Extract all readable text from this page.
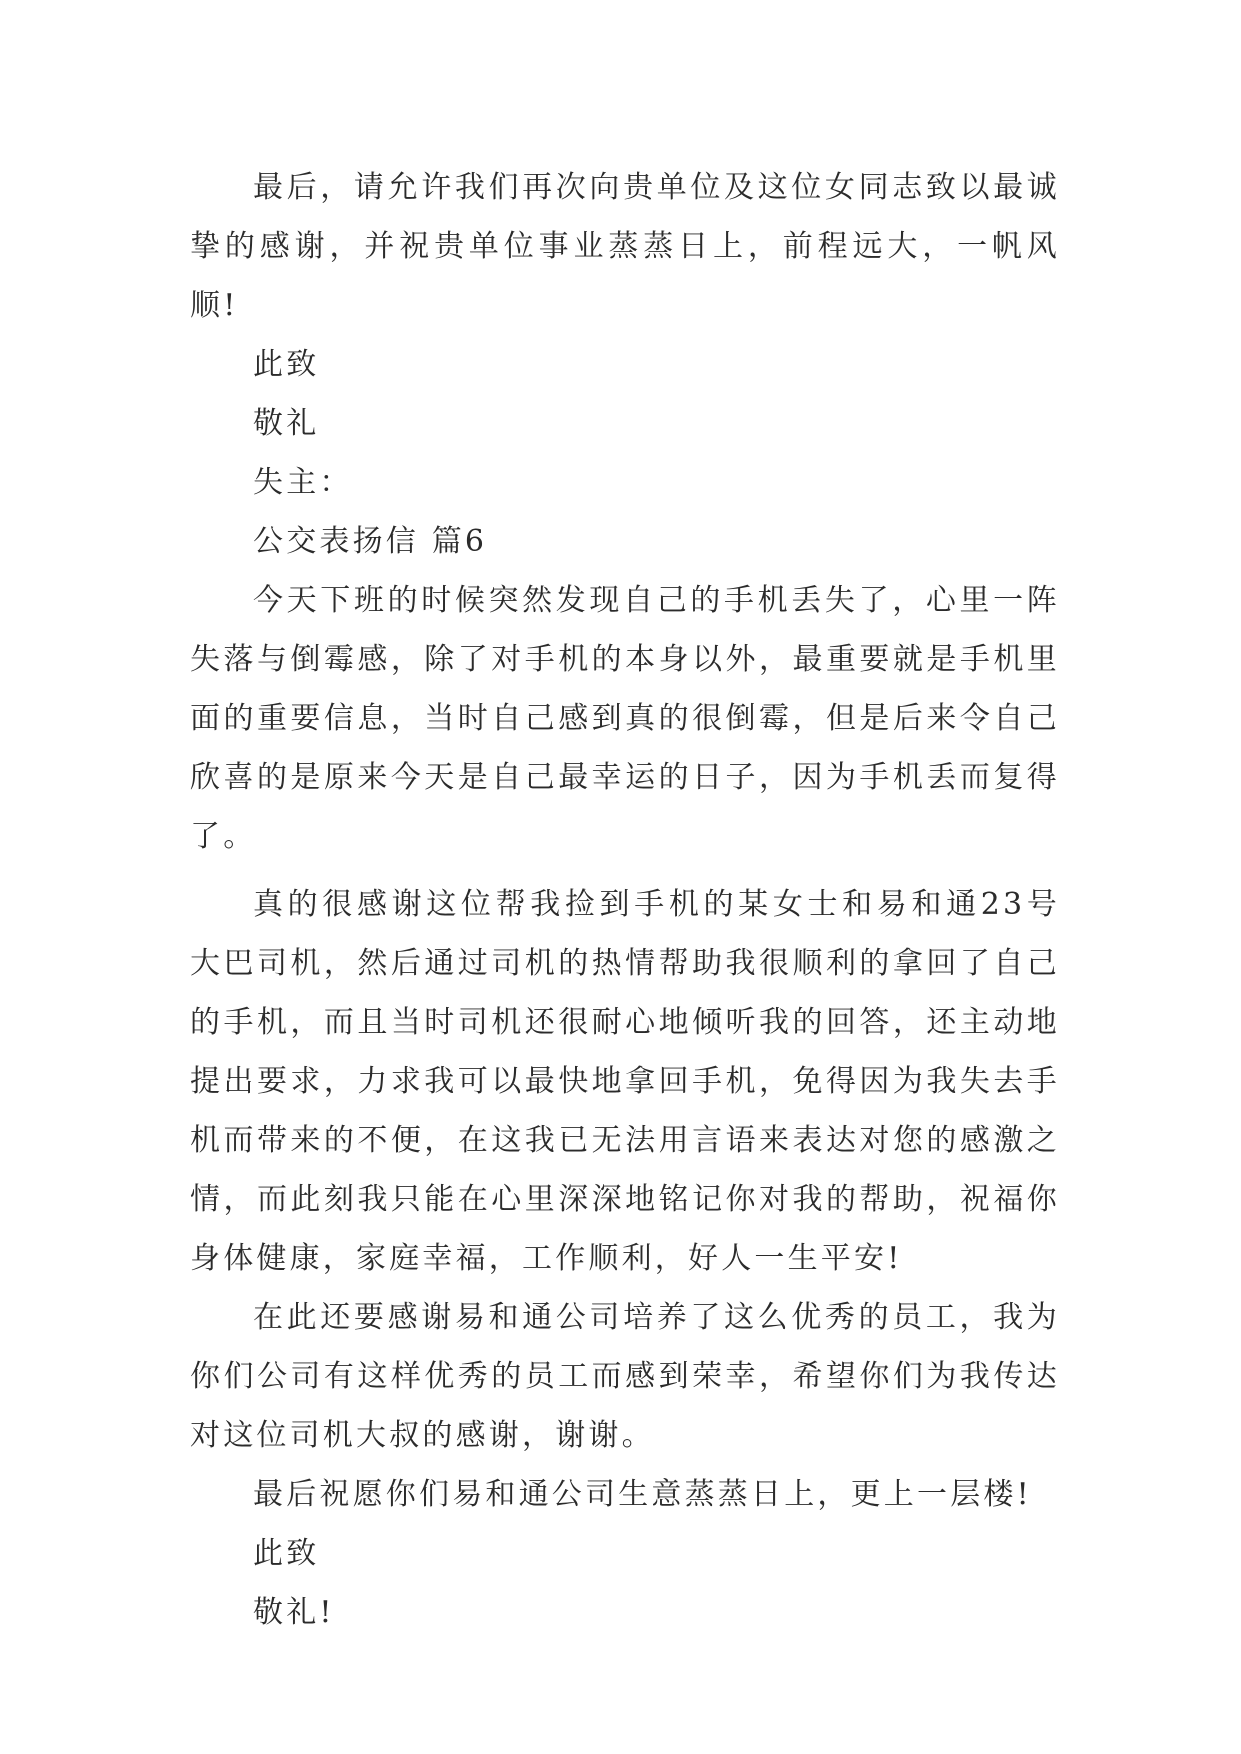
最后，请允许我们再次向贵单位及这位女同志致以最诚挚的感谢，并祝贵单位事业蒸蒸日上，前程远大，一帆风顺!

此致

敬礼

失主：

公交表扬信 篇6

今天下班的时候突然发现自己的手机丢失了，心里一阵失落与倒霉感，除了对手机的本身以外，最重要就是手机里面的重要信息，当时自己感到真的很倒霉，但是后来令自己欣喜的是原来今天是自己最幸运的日子，因为手机丢而复得了。

真的很感谢这位帮我捡到手机的某女士和易和通23号大巴司机，然后通过司机的热情帮助我很顺利的拿回了自己的手机，而且当时司机还很耐心地倾听我的回答，还主动地提出要求，力求我可以最快地拿回手机，免得因为我失去手机而带来的不便，在这我已无法用言语来表达对您的感激之情，而此刻我只能在心里深深地铭记你对我的帮助，祝福你身体健康，家庭幸福，工作顺利，好人一生平安!

在此还要感谢易和通公司培养了这么优秀的员工，我为你们公司有这样优秀的员工而感到荣幸，希望你们为我传达对这位司机大叔的感谢，谢谢。

最后祝愿你们易和通公司生意蒸蒸日上，更上一层楼!

此致

敬礼!
